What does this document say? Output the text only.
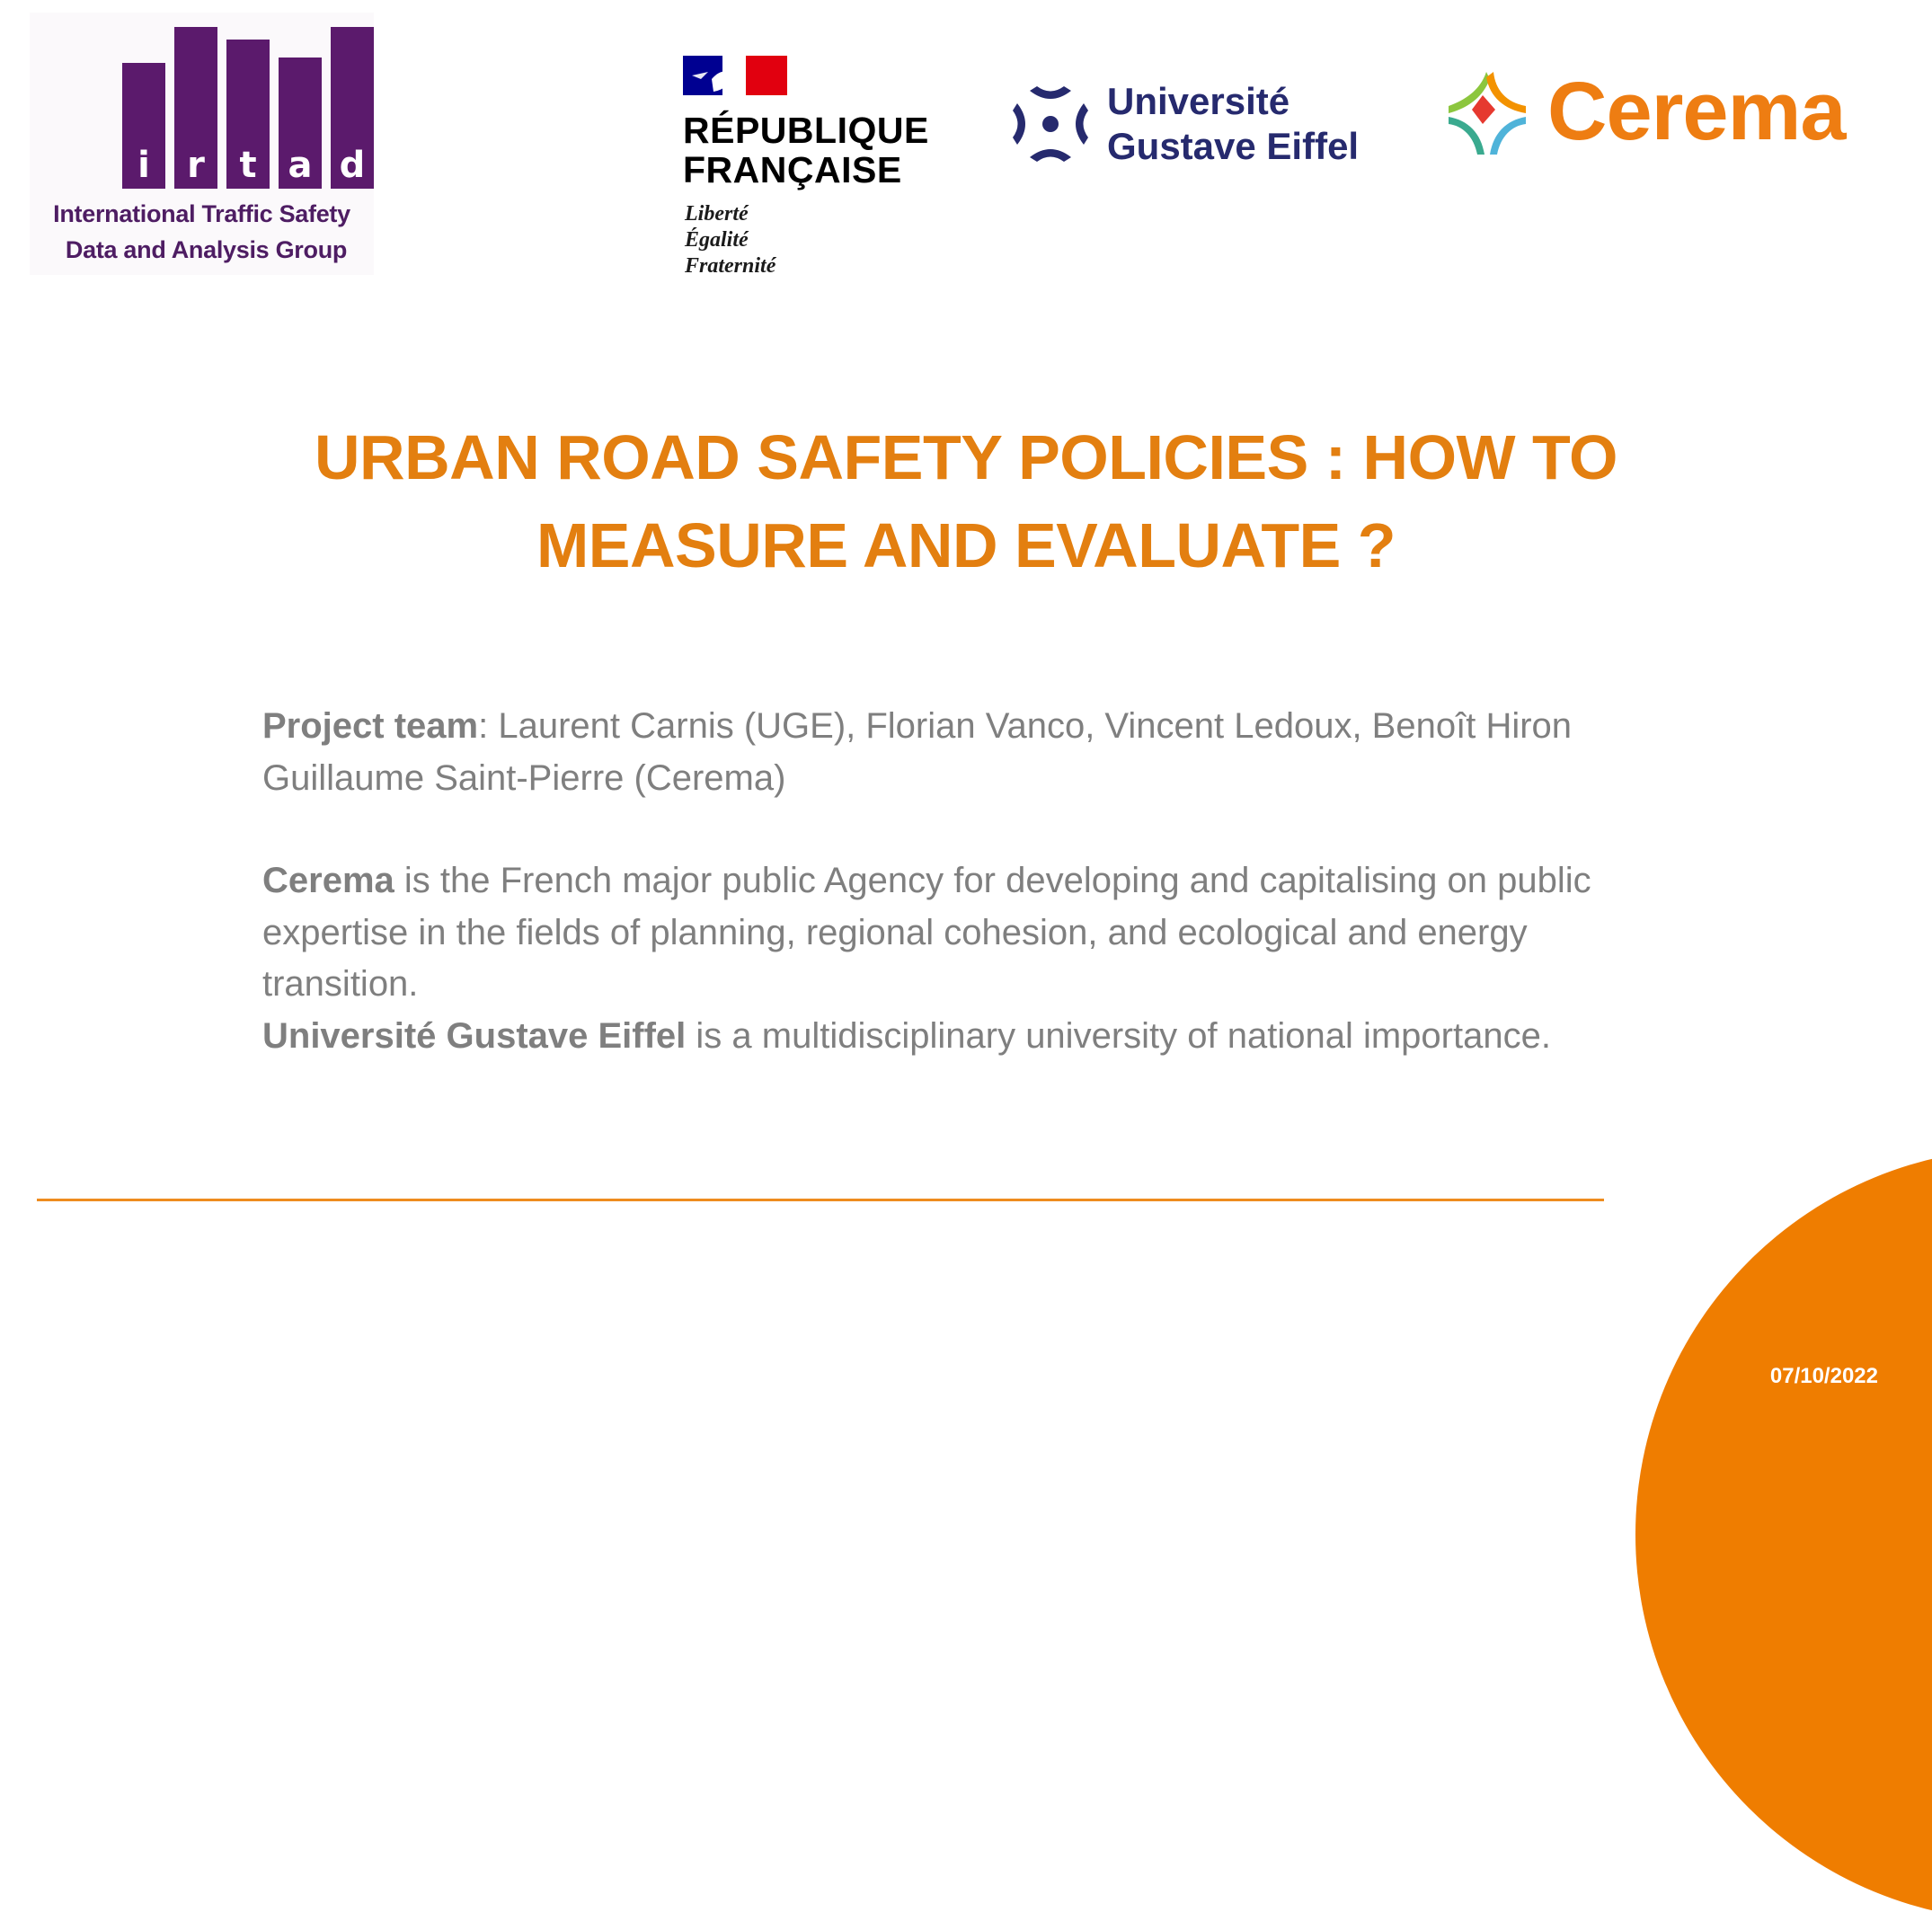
i	r t a d
International Traffic Safety
Data and Analysis Group
RÉPUBLIQUE
FRANÇAISE
Liberté
Égalité
Fraternité
Université
Gustave Eiffel Cerema
URBAN ROAD SAFETY POLICIES : HOW TO
MEASURE AND EVALUATE ?
Project team: Laurent Carnis (UGE), Florian Vanco, Vincent Ledoux, Benoît Hiron
Guillaume Saint-Pierre (Cerema)
Cerema is the French major public Agency for developing and capitalising on public
expertise in the fields of planning, regional cohesion, and ecological and energy
transition.
Université Gustave Eiffel is a multidisciplinary university of national importance.
07/10/2022
